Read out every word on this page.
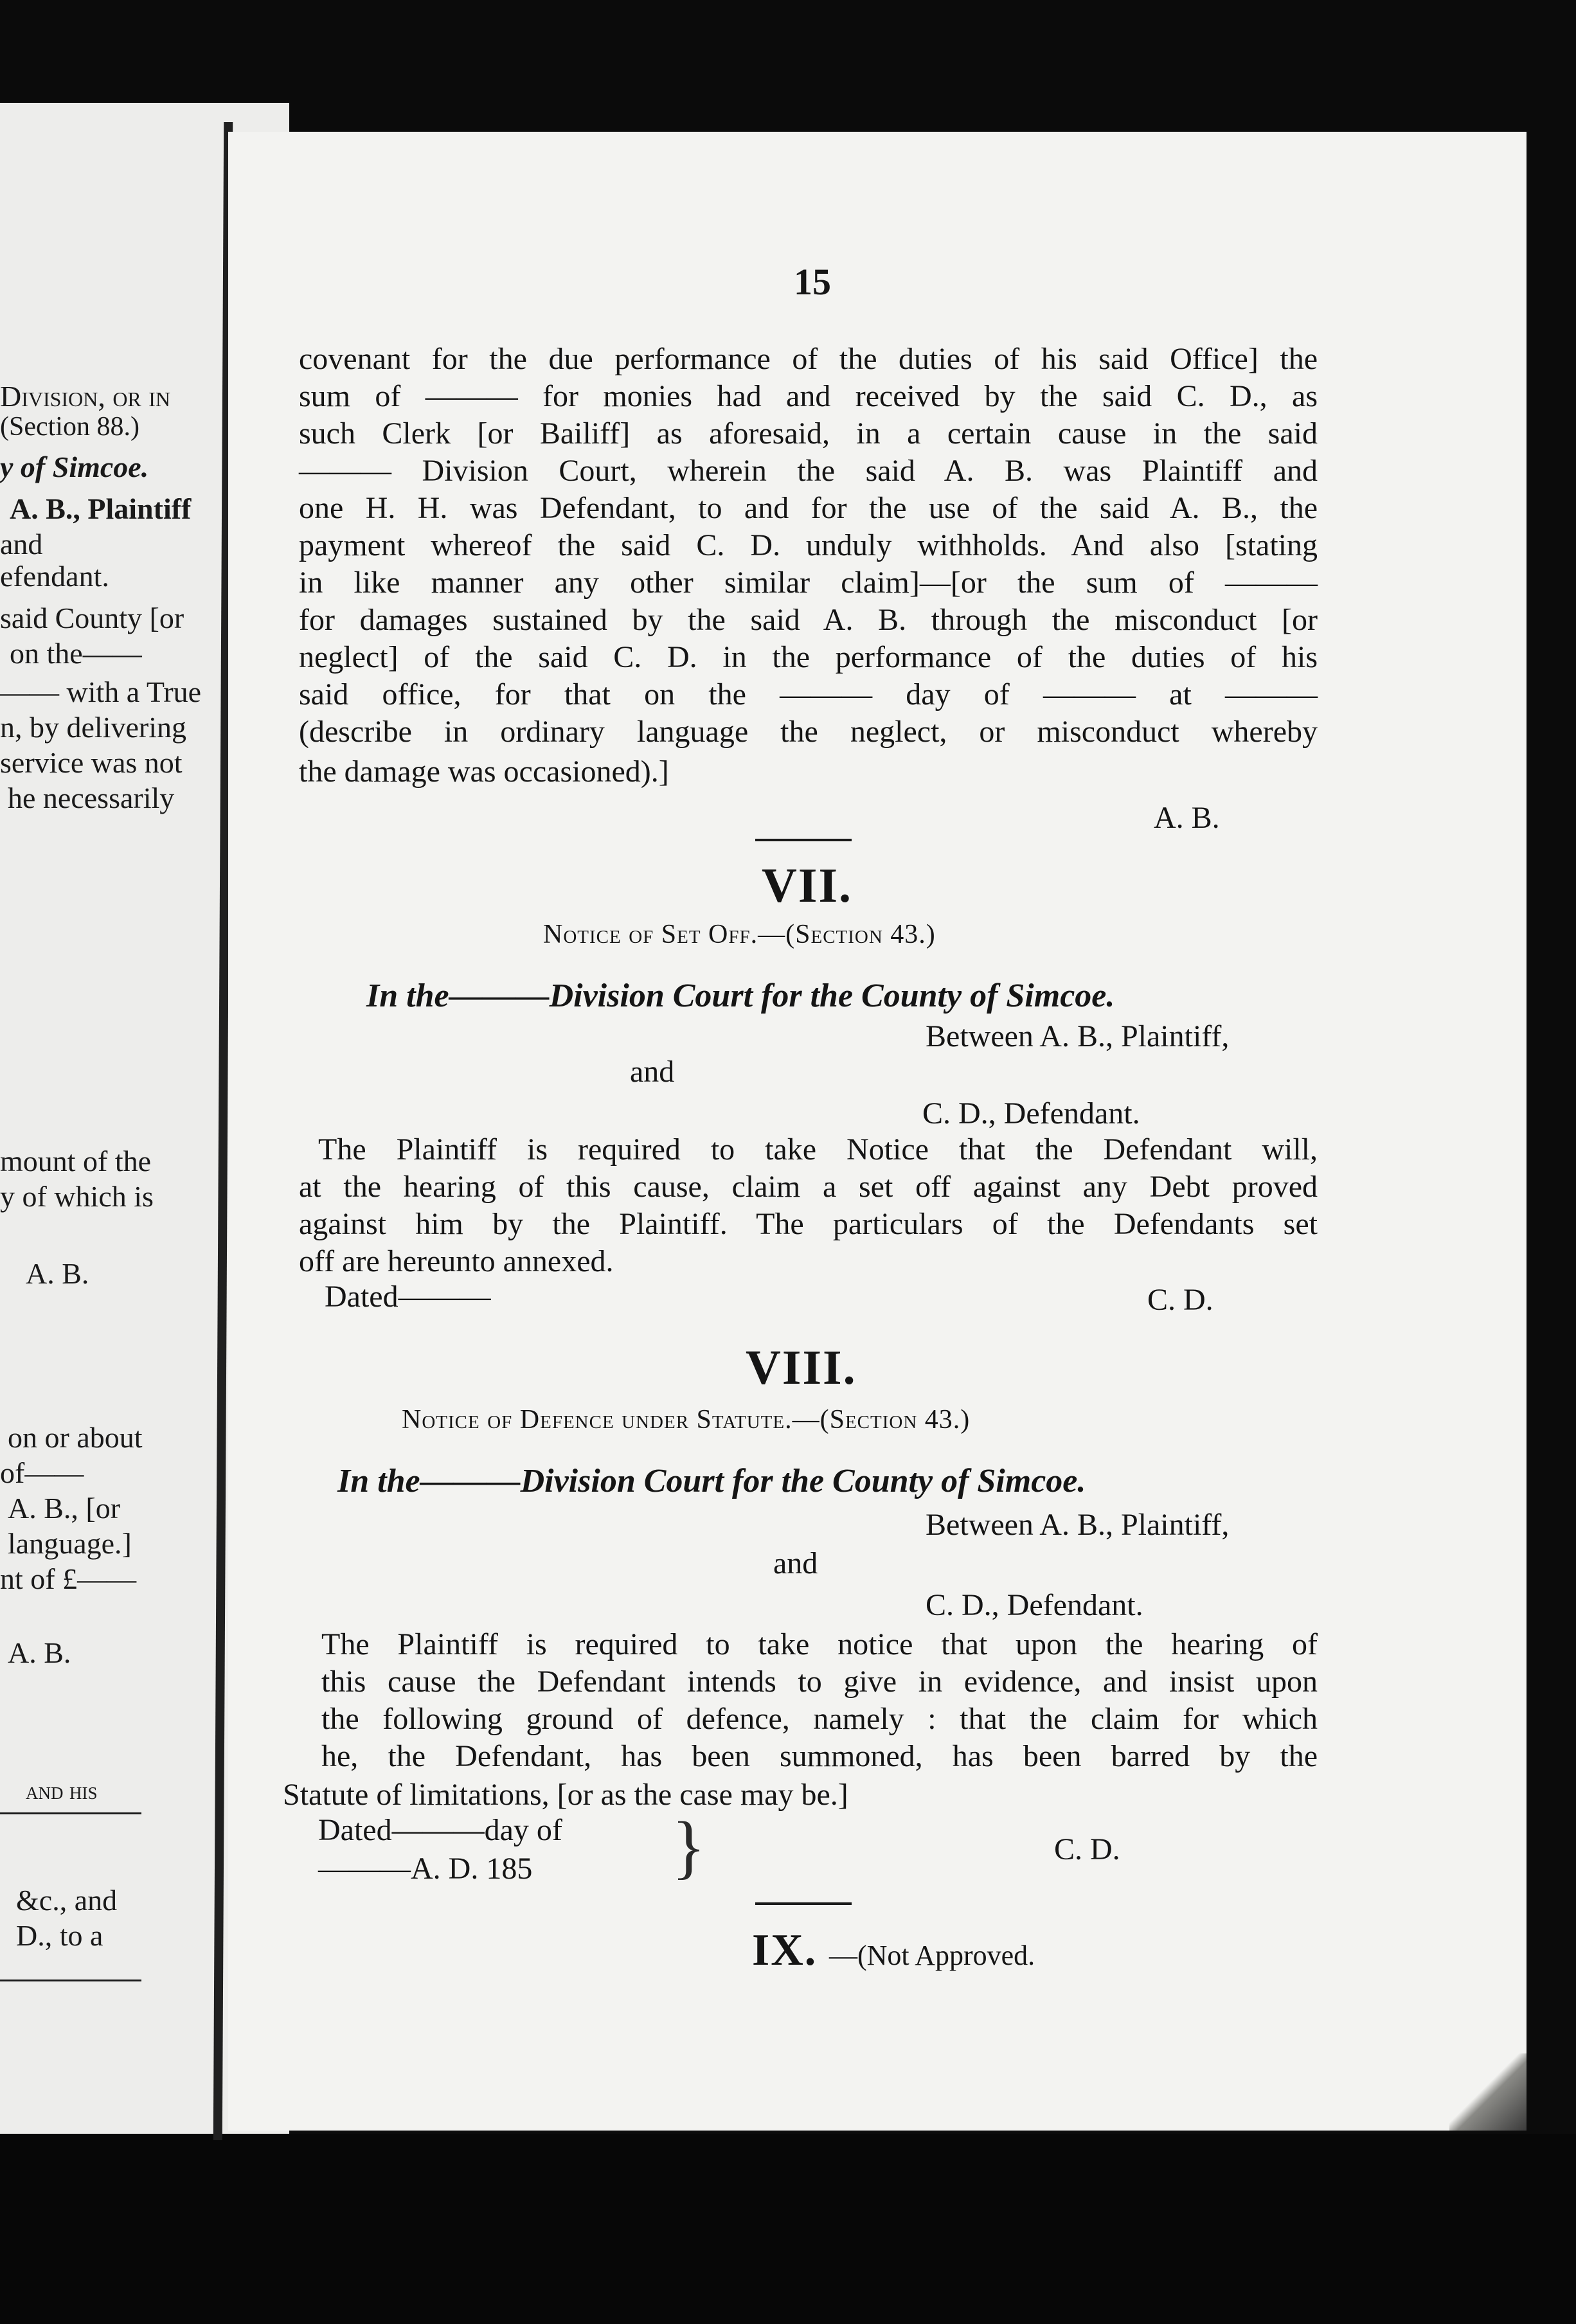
Division, or in
(Section 88.)
y of Simcoe.
A. B., Plaintiff
and
efendant.
said County [or
on the——
—— with a True
n, by delivering
service was not
he necessarily
mount of the
y of which is
A. B.
on or about
of——
A. B., [or
language.]
nt of £——
A. B.
and his
&c., and
D., to a

15
covenant for the due performance of the duties of his said Office] the
sum of ——— for monies had and received by the said C. D., as
such Clerk [or Bailiff] as aforesaid, in a certain cause in the said
——— Division Court, wherein the said A. B. was Plaintiff and
one H. H. was Defendant, to and for the use of the said A. B., the
payment whereof the said C. D. unduly withholds. And also [stating
in like manner any other similar claim]—[or the sum of ———
for damages sustained by the said A. B. through the misconduct [or
neglect] of the said C. D. in the performance of the duties of his
said office, for that on the ——— day of ——— at ———
(describe in ordinary language the neglect, or misconduct whereby
the damage was occasioned).]
A. B.
VII.
Notice of Set Off.—(Section 43.)
In the———Division Court for the County of Simcoe.
Between A. B., Plaintiff,
and
C. D., Defendant.
The Plaintiff is required to take Notice that the Defendant will,
at the hearing of this cause, claim a set off against any Debt proved
against him by the Plaintiff. The particulars of the Defendants set
off are hereunto annexed.
Dated———	C. D.
VIII.
Notice of Defence under Statute.—(Section 43.)
In the———Division Court for the County of Simcoe.
Between A. B., Plaintiff,
and
C. D., Defendant.
The Plaintiff is required to take notice that upon the hearing of
this cause the Defendant intends to give in evidence, and insist upon
the following ground of defence, namely : that the claim for which
he, the Defendant, has been summoned, has been barred by the
Statute of limitations, [or as the case may be.]
Dated———day of
———A. D. 185 }	C. D.
IX. —(Not Approved.
